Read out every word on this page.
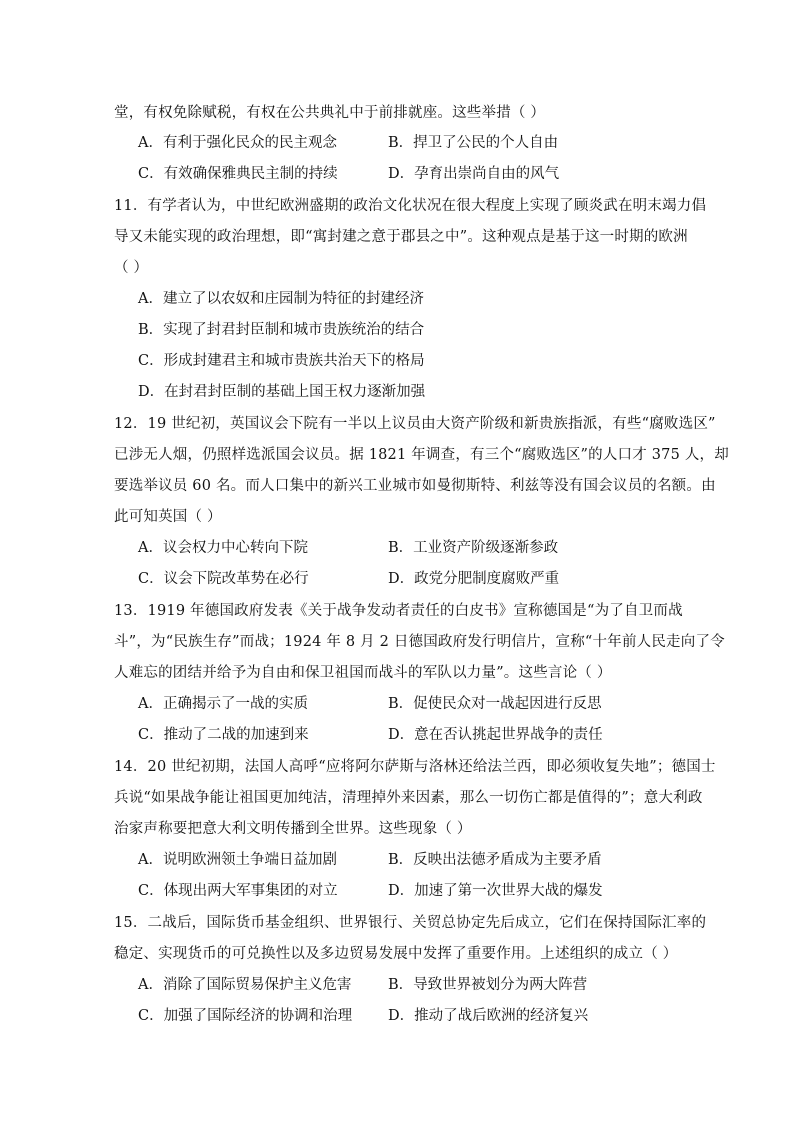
堂，有权免除赋税，有权在公共典礼中于前排就座。这些举措（ ）
A．有利于强化民众的民主观念	B．捍卫了公民的个人自由
C．有效确保雅典民主制的持续	D．孕育出崇尚自由的风气
11．有学者认为，中世纪欧洲盛期的政治文化状况在很大程度上实现了顾炎武在明末竭力倡
导又未能实现的政治理想，即“寓封建之意于郡县之中”。这种观点是基于这一时期的欧洲
（ ）
A．建立了以农奴和庄园制为特征的封建经济
B．实现了封君封臣制和城市贵族统治的结合
C．形成封建君主和城市贵族共治天下的格局
D．在封君封臣制的基础上国王权力逐渐加强
12．19 世纪初，英国议会下院有一半以上议员由大资产阶级和新贵族指派，有些“腐败选区”
已涉无人烟，仍照样选派国会议员。据 1821 年调查，有三个“腐败选区”的人口才 375 人，却
要选举议员 60 名。而人口集中的新兴工业城市如曼彻斯特、利兹等没有国会议员的名额。由
此可知英国（ ）
A．议会权力中心转向下院	B．工业资产阶级逐渐参政
C．议会下院改革势在必行	D．政党分肥制度腐败严重
13．1919 年德国政府发表《关于战争发动者责任的白皮书》宣称德国是“为了自卫而战
斗”，为“民族生存”而战；1924 年 8 月 2 日德国政府发行明信片，宣称“十年前人民走向了令
人难忘的团结并给予为自由和保卫祖国而战斗的军队以力量”。这些言论（ ）
A．正确揭示了一战的实质	B．促使民众对一战起因进行反思
C．推动了二战的加速到来	D．意在否认挑起世界战争的责任
14．20 世纪初期，法国人高呼“应将阿尔萨斯与洛林还给法兰西，即必须收复失地”；德国士
兵说“如果战争能让祖国更加纯洁，清理掉外来因素，那么一切伤亡都是值得的”；意大利政
治家声称要把意大利文明传播到全世界。这些现象（ ）
A．说明欧洲领土争端日益加剧	B．反映出法德矛盾成为主要矛盾
C．体现出两大军事集团的对立	D．加速了第一次世界大战的爆发
15．二战后，国际货币基金组织、世界银行、关贸总协定先后成立，它们在保持国际汇率的
稳定、实现货币的可兑换性以及多边贸易发展中发挥了重要作用。上述组织的成立（ ）
A．消除了国际贸易保护主义危害	B．导致世界被划分为两大阵营
C．加强了国际经济的协调和治理 D．推动了战后欧洲的经济复兴
